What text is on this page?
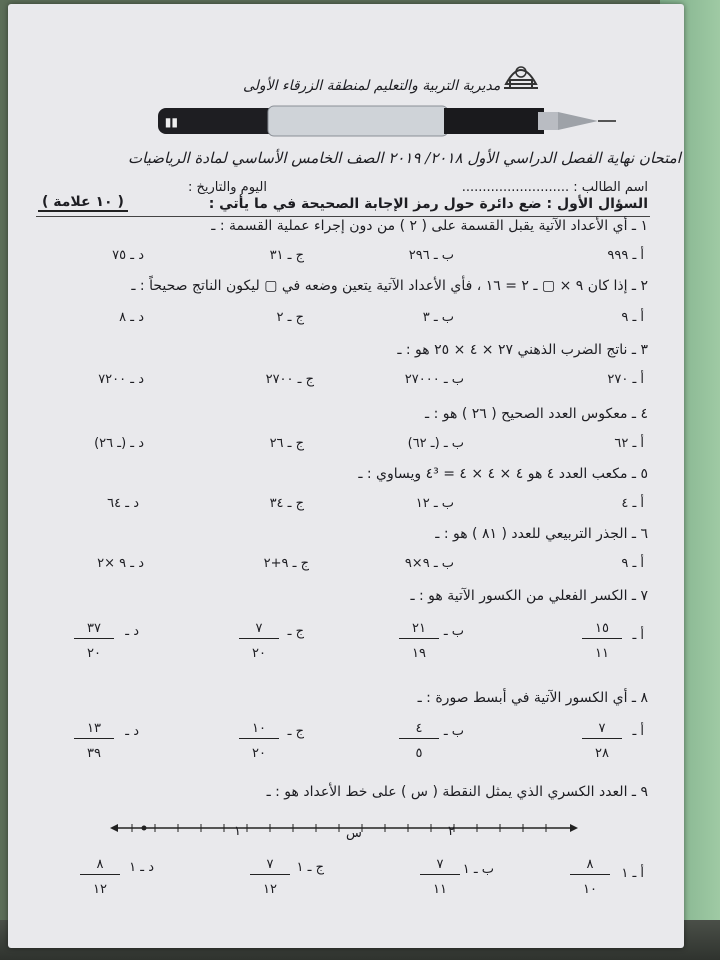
مديرية التربية والتعليم لمنطقة الزرقاء الأولى
▮▮
امتحان نهاية الفصل الدراسي الأول ٢٠١٨/ ٢٠١٩ الصف الخامس الأساسي لمادة الرياضيات
اسم الطالب : ..........................
اليوم والتاريخ :
السؤال الأول : ضع دائرة حول رمز الإجابة الصحيحة في ما يأتي :
( ١٠ علامة )
١ ـ أي الأعداد الآتية يقبل القسمة على ( ٢ ) من دون إجراء عملية القسمة : ـ
أ ـ ٩٩٩
ب ـ ٢٩٦
ج ـ ٣١
د ـ ٧٥
٢ ـ إذا كان ٩ × ▢ ـ ٢ = ١٦ ، فأي الأعداد الآتية يتعين وضعه في ▢ ليكون الناتج صحيحاً : ـ
أ ـ ٩
ب ـ ٣
ج ـ ٢
د ـ ٨
٣ ـ ناتج الضرب الذهني ٢٧ × ٤ × ٢٥ هو : ـ
أ ـ ٢٧٠
ب ـ ٢٧٠٠٠
ج ـ ٢٧٠٠
د ـ ٧٢٠٠
٤ ـ معكوس العدد الصحيح ( ٢٦ ) هو : ـ
أ ـ ٦٢
ب ـ (ـ ٦٢)
ج ـ ٢٦
د ـ (ـ ٢٦)
٥ ـ مكعب العدد ٤ هو ٤ × ٤ × ٤ = ٤³ ويساوي : ـ
أ ـ ٤
ب ـ ١٢
ج ـ ٣٤
د ـ ٦٤
٦ ـ الجذر التربيعي للعدد ( ٨١ ) هو : ـ
أ ـ ٩
ب ـ ٩×٩
ج ـ ٩+٢
د ـ ٩ ×٢
٧ ـ الكسر الفعلي من الكسور الآتية هو : ـ
أ ـ
١٥
١١
ب ـ
٢١
١٩
ج ـ
٧
٢٠
د ـ
٣٧
٢٠
٨ ـ أي الكسور الآتية في أبسط صورة : ـ
أ ـ
٧
٢٨
ب ـ
٤
٥
ج ـ
١٠
٢٠
د ـ
١٣
٣٩
٩ ـ العدد الكسري الذي يمثل النقطة ( س ) على خط الأعداد هو : ـ
١	س	٢
أ ـ ١
٨
١٠
ب ـ ١
٧
١١
ج ـ ١
٧
١٢
د ـ ١
٨
١٢
